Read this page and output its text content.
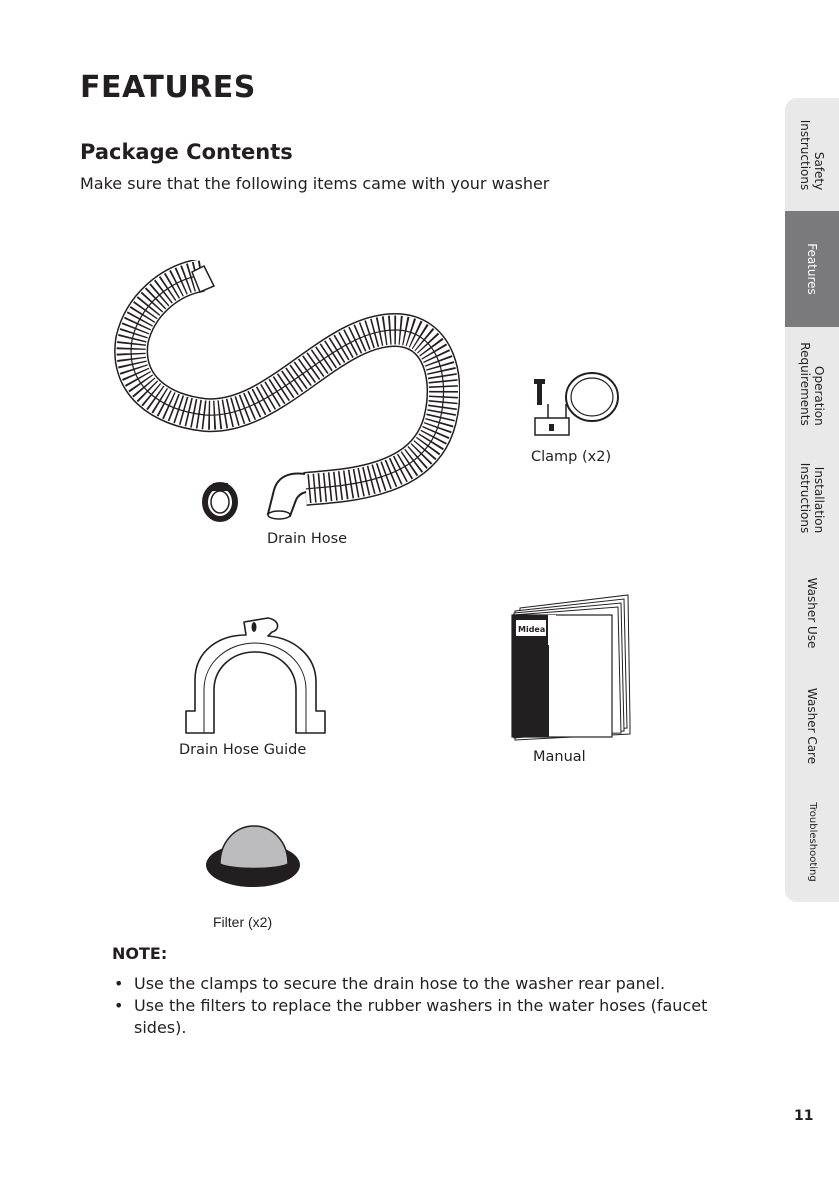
FEATURES
Package Contents

Make sure that the following items came with your washer

Drain Hose
Clamp (x2)
Drain Hose Guide
Midea
Manual
Filter (x2)
NOTE:
• Use the clamps to secure the drain hose to the washer rear panel.
• Use the filters to replace the rubber washers in the water hoses (faucet sides).
Safety
Instructions
Features
Operation
Requirements
Installation
Instructions
Washer Use
Washer Care
Troubleshooting
11
